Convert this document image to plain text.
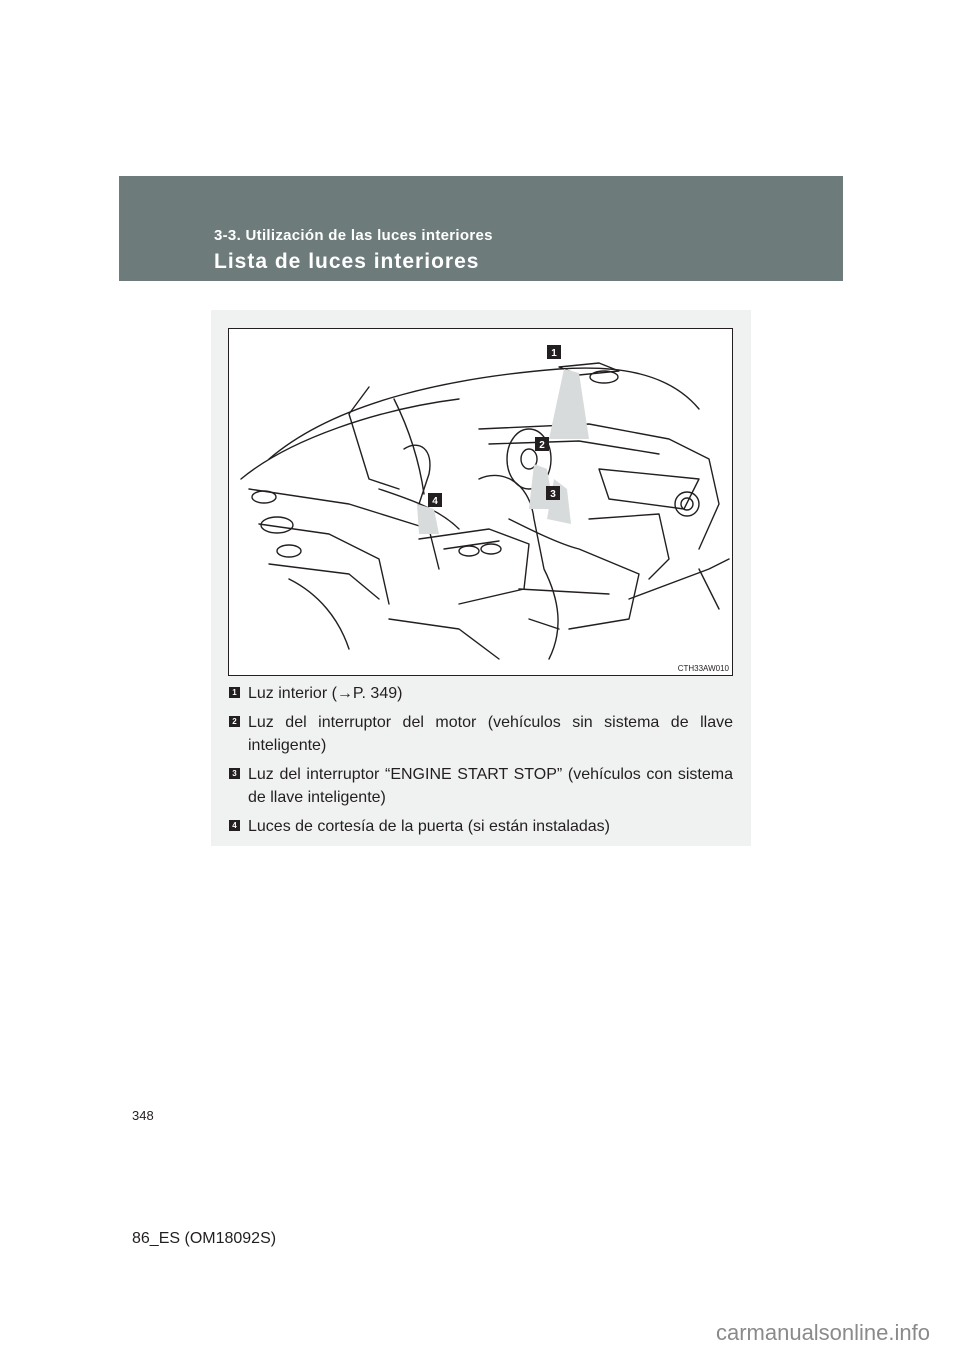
3-3. Utilización de las luces interiores
Lista de luces interiores
1
2
3
4
CTH33AW010
1 Luz interior (→P. 349)
2 Luz del interruptor del motor (vehículos sin sistema de llave inteligente)
3 Luz del interruptor “ENGINE START STOP” (vehículos con sistema de llave inteligente)
4 Luces de cortesía de la puerta (si están instaladas)
348
86_ES (OM18092S)
carmanualsonline.info
